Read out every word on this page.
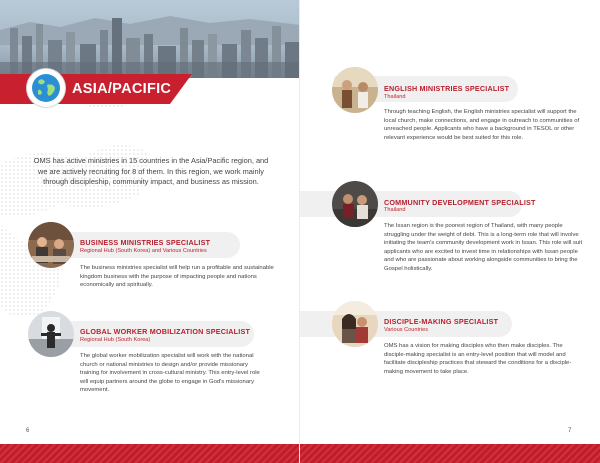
ASIA/PACIFIC
OMS has active ministries in 15 countries in the Asia/Pacific region, and we are actively recruiting for 8 of them. In this region, we work mainly through discipleship, community impact, and business as mission.
BUSINESS MINISTRIES SPECIALIST
Regional Hub (South Korea) and Various Countries
The business ministries specialist will help run a profitable and sustainable kingdom business with the purpose of impacting people and nations economically and spiritually.
GLOBAL WORKER MOBILIZATION SPECIALIST
Regional Hub (South Korea)
The global worker mobilization specialist will work with the national church or national ministries to design and/or provide missionary training for involvement in cross-cultural ministry. This entry-level role will equip partners around the globe to engage in God's missionary movement.
6
ENGLISH MINISTRIES SPECIALIST
Thailand
Through teaching English, the English ministries specialist will support the local church, make connections, and engage in outreach to communities of unreached people. Applicants who have a background in TESOL or other relevant experience would be best suited for this role.
COMMUNITY DEVELOPMENT SPECIALIST
Thailand
The Issan region is the poorest region of Thailand, with many people struggling under the weight of debt. This is a long-term role that will involve initiating the team's community development work in Issan. This role will suit applicants who are excited to invest time in relationships with Issan people and who are passionate about working alongside communities to bring the Gospel holistically.
DISCIPLE-MAKING SPECIALIST
Various Countries
OMS has a vision for making disciples who then make disciples. The disciple-making specialist is an entry-level position that will model and facilitate discipleship practices that steward the conditions for a disciple-making movement to take place.
7
